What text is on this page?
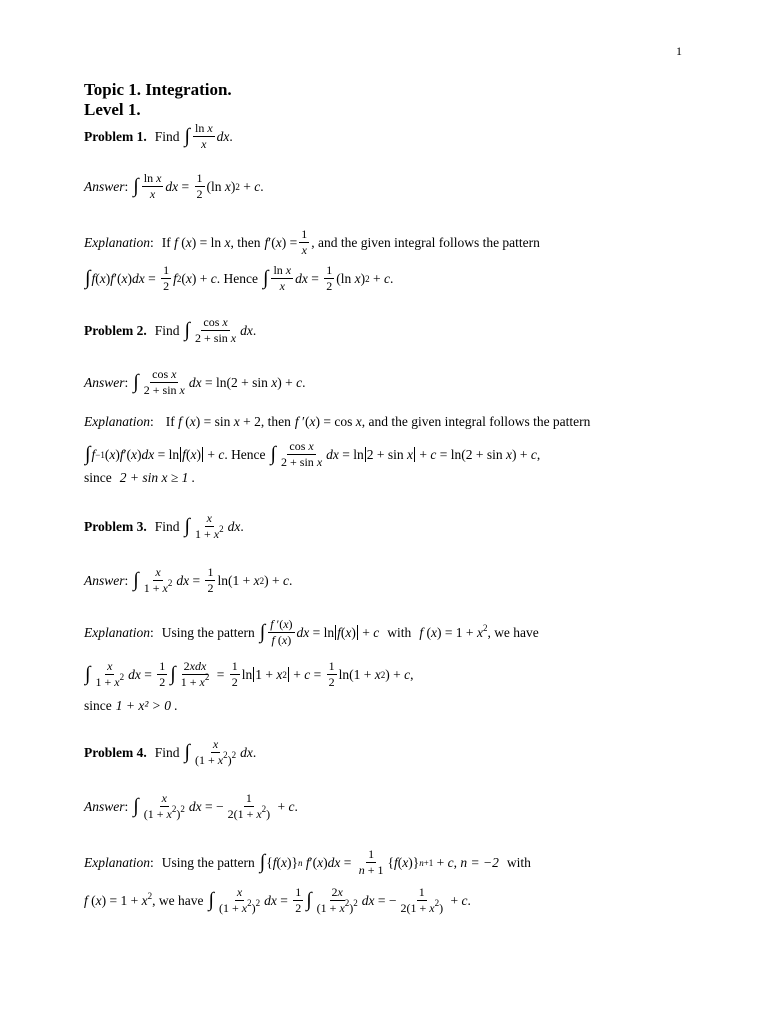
1
Topic 1. Integration.
Level 1.
Problem 1. Find ∫ $\frac{\text{ln x}}{x}$ dx .
Answer : ∫ $\frac{\text{ln x}}{x}$ dx = $\frac{1}{2} (\ln$ x ) 2 + c .
Explanation : If f (x) = ln x , then f ′( x ) = $\frac{1}{x}$ , and the given integral follows the pattern
∫ f ( x ) f ′( x ) dx = $\frac{1}{2}$ f 2 ( x ) + c . Hence ∫ $\frac{\text{ln x}}{x}$ dx = $\frac{1}{2} (\ln$ x ) 2 + c .
Problem 2. Find ∫ $\frac{\text{cos x}}{\text{2 + sin x}}$ dx .
Answer : ∫ $\frac{\text{cos x}}{\text{2 + sin x}}$ dx = ln(2 + sin x ) + c .
Explanation : If f (x) = sin x + 2 , then f ′(x) = cos x , and the given integral follows the pattern
∫ f −1 ( x ) f ′( x ) dx = ln f ( x ) + c . Hence ∫ $\frac{\text{cos x}}{\text{2 + sin x}}$ dx = ln 2 + sin x + c = ln(2 + sin x ) + c ,
since 2 + sin x ≥ 1 .
Problem 3. Find ∫ $\frac{x}{1 + x^2}$ dx .
Answer : ∫ $\frac{x}{1 + x^2}$ dx = $\frac{1}{2} \ln(1 + x$ 2 ) + c .
Explanation : Using the pattern ∫ $\frac{f '(x)}{f (x)}$ dx = ln f ( x ) + c with f $(x) = 1 + x^2$ , we have
∫ $\frac{x}{1 + x^2}$ dx = $\frac{1}{2}$ ∫ $\frac{\text{2xdx}}{1 + x^2} = \frac{1}{2}$ ln 1 + x $2 + c = \frac{1}{2} \ln(1 + x$ 2 ) + c ,
since 1 + x² > 0 .
Problem 4. Find ∫ $\frac{x}{(1 + x^2)^2}$ dx .
Answer : ∫ $\frac{x}{(1 + x^2)^2}$ dx = − $\frac{1}{2(1 + x^2)} + c$ .
Explanation : Using the pattern ∫ { f ( x )} n f ′( x ) dx = $\frac{1}{n + 1}$ { f ( x )} n+1 + c , n = −2 with
f $(x) = 1 + x^2$ , we have ∫ $\frac{x}{(1 + x^2)^2}$ dx = $\frac{1}{2}$ ∫ $\frac{2x}{(1 + x^2)^2}$ dx = − $\frac{1}{2(1 + x^2)} + c$ .
